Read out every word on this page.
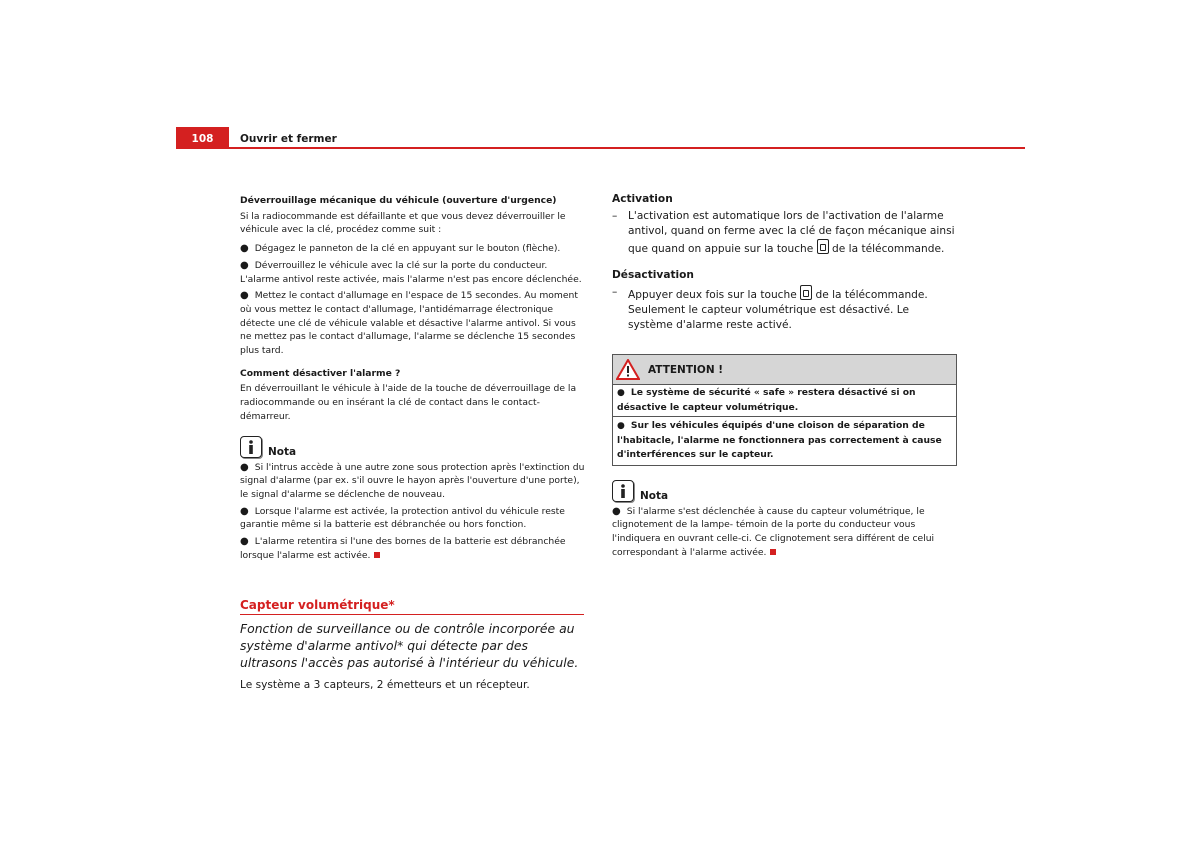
108	Ouvrir et fermer

Déverrouillage mécanique du véhicule (ouverture d'urgence)

Si la radiocommande est défaillante et que vous devez déverrouiller le véhicule avec la clé, procédez comme suit :

● Dégagez le panneton de la clé en appuyant sur le bouton (flèche).

● Déverrouillez le véhicule avec la clé sur la porte du conducteur. L'alarme antivol reste activée, mais l'alarme n'est pas encore déclenchée.

● Mettez le contact d'allumage en l'espace de 15 secondes. Au moment où vous mettez le contact d'allumage, l'antidémarrage électronique détecte une clé de véhicule valable et désactive l'alarme antivol. Si vous ne mettez pas le contact d'allumage, l'alarme se déclenche 15 secondes plus tard.

Comment désactiver l'alarme ?

En déverrouillant le véhicule à l'aide de la touche de déverrouillage de la radiocommande ou en insérant la clé de contact dans le contact-démarreur.

Nota

● Si l'intrus accède à une autre zone sous protection après l'extinction du signal d'alarme (par ex. s'il ouvre le hayon après l'ouverture d'une porte), le signal d'alarme se déclenche de nouveau.

● Lorsque l'alarme est activée, la protection antivol du véhicule reste garantie même si la batterie est débranchée ou hors fonction.

● L'alarme retentira si l'une des bornes de la batterie est débranchée lorsque l'alarme est activée.

Capteur volumétrique*

Fonction de surveillance ou de contrôle incorporée au système d'alarme antivol* qui détecte par des ultrasons l'accès pas autorisé à l'intérieur du véhicule.

Le système a 3 capteurs, 2 émetteurs et un récepteur.

Activation

–	L'activation est automatique lors de l'activation de l'alarme antivol, quand on ferme avec la clé de façon mécanique ainsi que quand on appuie sur la touche de la télécommande.

Désactivation

–	Appuyer deux fois sur la touche de la télécommande. Seulement le capteur volumétrique est désactivé. Le système d'alarme reste activé.
ATTENTION !

● Le système de sécurité « safe » restera désactivé si on désactive le capteur volumétrique.

● Sur les véhicules équipés d'une cloison de séparation de l'habitacle, l'alarme ne fonctionnera pas correctement à cause d'interférences sur le capteur.

Nota

● Si l'alarme s'est déclenchée à cause du capteur volumétrique, le clignotement de la lampe- témoin de la porte du conducteur vous l'indiquera en ouvrant celle-ci. Ce clignotement sera différent de celui correspondant à l'alarme activée.
